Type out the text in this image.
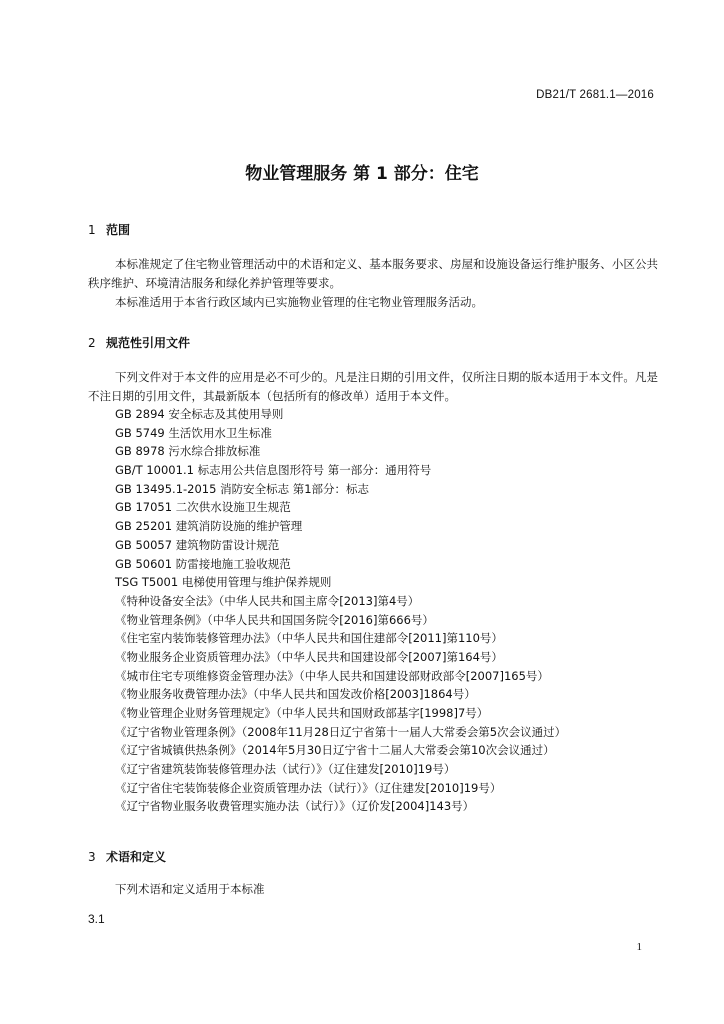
DB21/T 2681.1—2016
物业管理服务 第 1 部分：住宅
1 范围

本标准规定了住宅物业管理活动中的术语和定义、基本服务要求、房屋和设施设备运行维护服务、小区公共秩序维护、环境清洁服务和绿化养护管理等要求。

本标准适用于本省行政区域内已实施物业管理的住宅物业管理服务活动。

2 规范性引用文件

下列文件对于本文件的应用是必不可少的。凡是注日期的引用文件，仅所注日期的版本适用于本文件。凡是不注日期的引用文件，其最新版本（包括所有的修改单）适用于本文件。

GB 2894 安全标志及其使用导则
GB 5749 生活饮用水卫生标准
GB 8978 污水综合排放标准
GB/T 10001.1 标志用公共信息图形符号 第一部分：通用符号
GB 13495.1-2015 消防安全标志 第1部分：标志
GB 17051 二次供水设施卫生规范
GB 25201 建筑消防设施的维护管理
GB 50057 建筑物防雷设计规范
GB 50601 防雷接地施工验收规范
TSG T5001 电梯使用管理与维护保养规则
《特种设备安全法》（中华人民共和国主席令[2013]第4号）
《物业管理条例》（中华人民共和国国务院令[2016]第666号）
《住宅室内装饰装修管理办法》（中华人民共和国住建部令[2011]第110号）
《物业服务企业资质管理办法》（中华人民共和国建设部令[2007]第164号）
《城市住宅专项维修资金管理办法》（中华人民共和国建设部财政部令[2007]165号）
《物业服务收费管理办法》（中华人民共和国发改价格[2003]1864号）
《物业管理企业财务管理规定》（中华人民共和国财政部基字[1998]7号）
《辽宁省物业管理条例》（2008年11月28日辽宁省第十一届人大常委会第5次会议通过）
《辽宁省城镇供热条例》（2014年5月30日辽宁省十二届人大常委会第10次会议通过）
《辽宁省建筑装饰装修管理办法（试行）》（辽住建发[2010]19号）
《辽宁省住宅装饰装修企业资质管理办法（试行）》（辽住建发[2010]19号）
《辽宁省物业服务收费管理实施办法（试行）》（辽价发[2004]143号）
3 术语和定义

下列术语和定义适用于本标准

3.1
1
